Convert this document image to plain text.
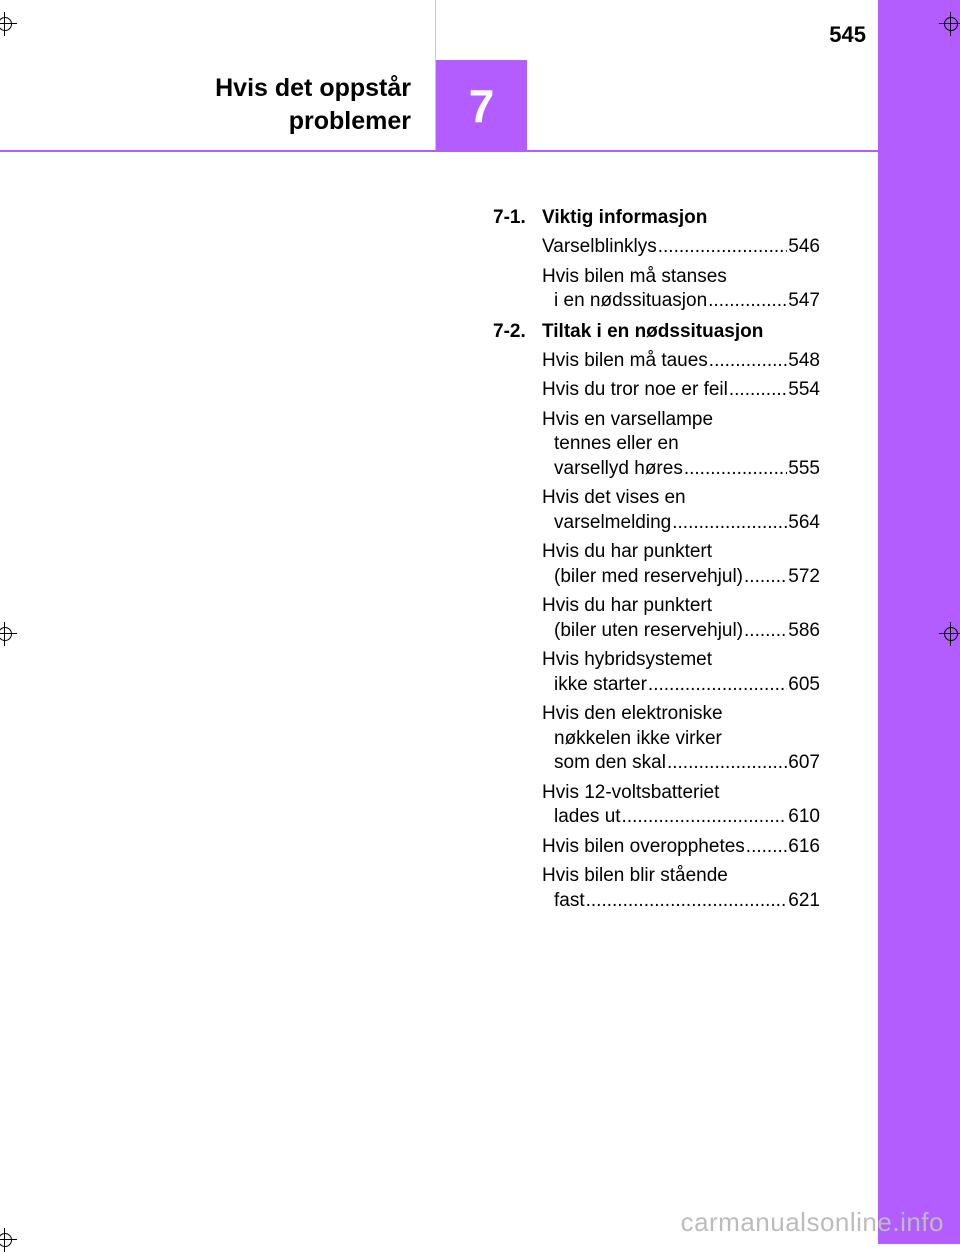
545
Hvis det oppstår
problemer	7
7-1. Viktig informasjon
Varselblinklys .....	546
Hvis bilen må stanses
i en nødssituasjon .....	547
7-2. Tiltak i en nødssituasjon
Hvis bilen må taues .....	548
Hvis du tror noe er feil .....	554
Hvis en varsellampe
tennes eller en
varsellyd høres .....	555
Hvis det vises en
varselmelding .....	564
Hvis du har punktert
(biler med reservehjul) ..... 572
Hvis du har punktert
(biler uten reservehjul) ..... 586
Hvis hybridsystemet
ikke starter .....	605
Hvis den elektroniske
nøkkelen ikke virker
som den skal .....	607
Hvis 12-voltsbatteriet
lades ut .....	610
Hvis bilen overopphetes ..... 616
Hvis bilen blir stående
fast .....	621
carmanualsonline.info
